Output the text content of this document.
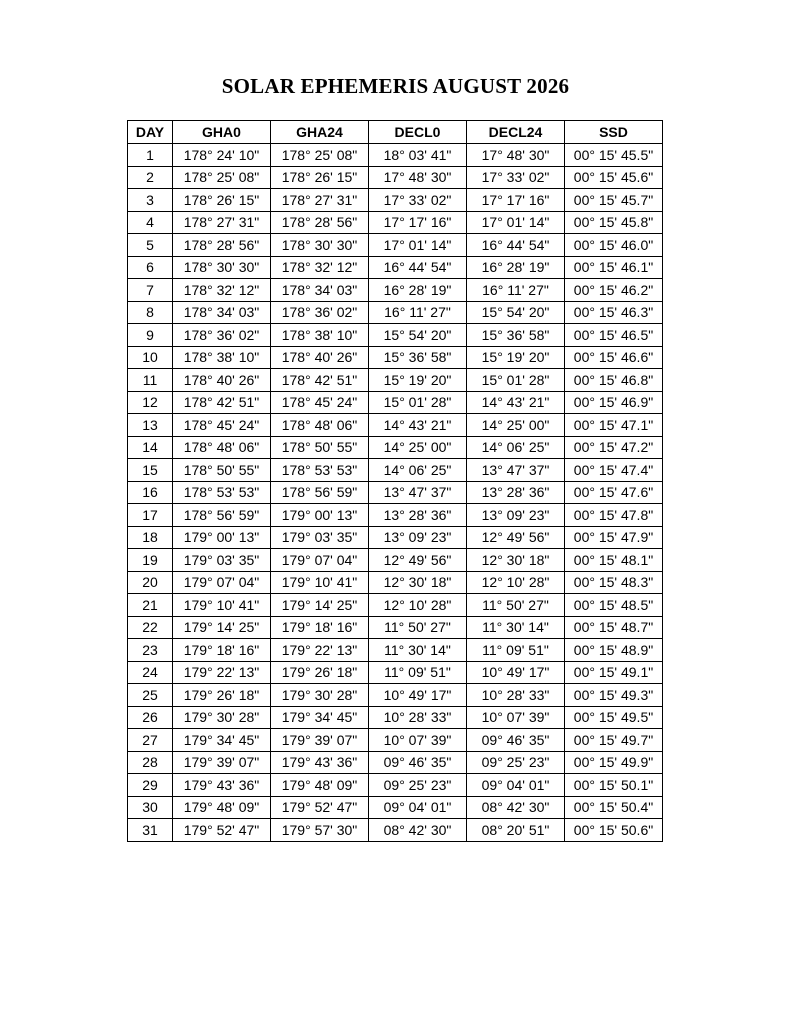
SOLAR EPHEMERIS AUGUST 2026
DAY	GHA0	GHA24	DECL0	DECL24	SSD
1	178° 24' 10"	178° 25' 08"	18° 03' 41"	17° 48' 30"	00° 15' 45.5"
2	178° 25' 08"	178° 26' 15"	17° 48' 30"	17° 33' 02"	00° 15' 45.6"
3	178° 26' 15"	178° 27' 31"	17° 33' 02"	17° 17' 16"	00° 15' 45.7"
4	178° 27' 31"	178° 28' 56"	17° 17' 16"	17° 01' 14"	00° 15' 45.8"
5	178° 28' 56"	178° 30' 30"	17° 01' 14"	16° 44' 54"	00° 15' 46.0"
6	178° 30' 30"	178° 32' 12"	16° 44' 54"	16° 28' 19"	00° 15' 46.1"
7	178° 32' 12"	178° 34' 03"	16° 28' 19"	16° 11' 27"	00° 15' 46.2"
8	178° 34' 03"	178° 36' 02"	16° 11' 27"	15° 54' 20"	00° 15' 46.3"
9	178° 36' 02"	178° 38' 10"	15° 54' 20"	15° 36' 58"	00° 15' 46.5"
10	178° 38' 10"	178° 40' 26"	15° 36' 58"	15° 19' 20"	00° 15' 46.6"
11	178° 40' 26"	178° 42' 51"	15° 19' 20"	15° 01' 28"	00° 15' 46.8"
12	178° 42' 51"	178° 45' 24"	15° 01' 28"	14° 43' 21"	00° 15' 46.9"
13	178° 45' 24"	178° 48' 06"	14° 43' 21"	14° 25' 00"	00° 15' 47.1"
14	178° 48' 06"	178° 50' 55"	14° 25' 00"	14° 06' 25"	00° 15' 47.2"
15	178° 50' 55"	178° 53' 53"	14° 06' 25"	13° 47' 37"	00° 15' 47.4"
16	178° 53' 53"	178° 56' 59"	13° 47' 37"	13° 28' 36"	00° 15' 47.6"
17	178° 56' 59"	179° 00' 13"	13° 28' 36"	13° 09' 23"	00° 15' 47.8"
18	179° 00' 13"	179° 03' 35"	13° 09' 23"	12° 49' 56"	00° 15' 47.9"
19	179° 03' 35"	179° 07' 04"	12° 49' 56"	12° 30' 18"	00° 15' 48.1"
20	179° 07' 04"	179° 10' 41"	12° 30' 18"	12° 10' 28"	00° 15' 48.3"
21	179° 10' 41"	179° 14' 25"	12° 10' 28"	11° 50' 27"	00° 15' 48.5"
22	179° 14' 25"	179° 18' 16"	11° 50' 27"	11° 30' 14"	00° 15' 48.7"
23	179° 18' 16"	179° 22' 13"	11° 30' 14"	11° 09' 51"	00° 15' 48.9"
24	179° 22' 13"	179° 26' 18"	11° 09' 51"	10° 49' 17"	00° 15' 49.1"
25	179° 26' 18"	179° 30' 28"	10° 49' 17"	10° 28' 33"	00° 15' 49.3"
26	179° 30' 28"	179° 34' 45"	10° 28' 33"	10° 07' 39"	00° 15' 49.5"
27	179° 34' 45"	179° 39' 07"	10° 07' 39"	09° 46' 35"	00° 15' 49.7"
28	179° 39' 07"	179° 43' 36"	09° 46' 35"	09° 25' 23"	00° 15' 49.9"
29	179° 43' 36"	179° 48' 09"	09° 25' 23"	09° 04' 01"	00° 15' 50.1"
30	179° 48' 09"	179° 52' 47"	09° 04' 01"	08° 42' 30"	00° 15' 50.4"
31	179° 52' 47"	179° 57' 30"	08° 42' 30"	08° 20' 51"	00° 15' 50.6"
